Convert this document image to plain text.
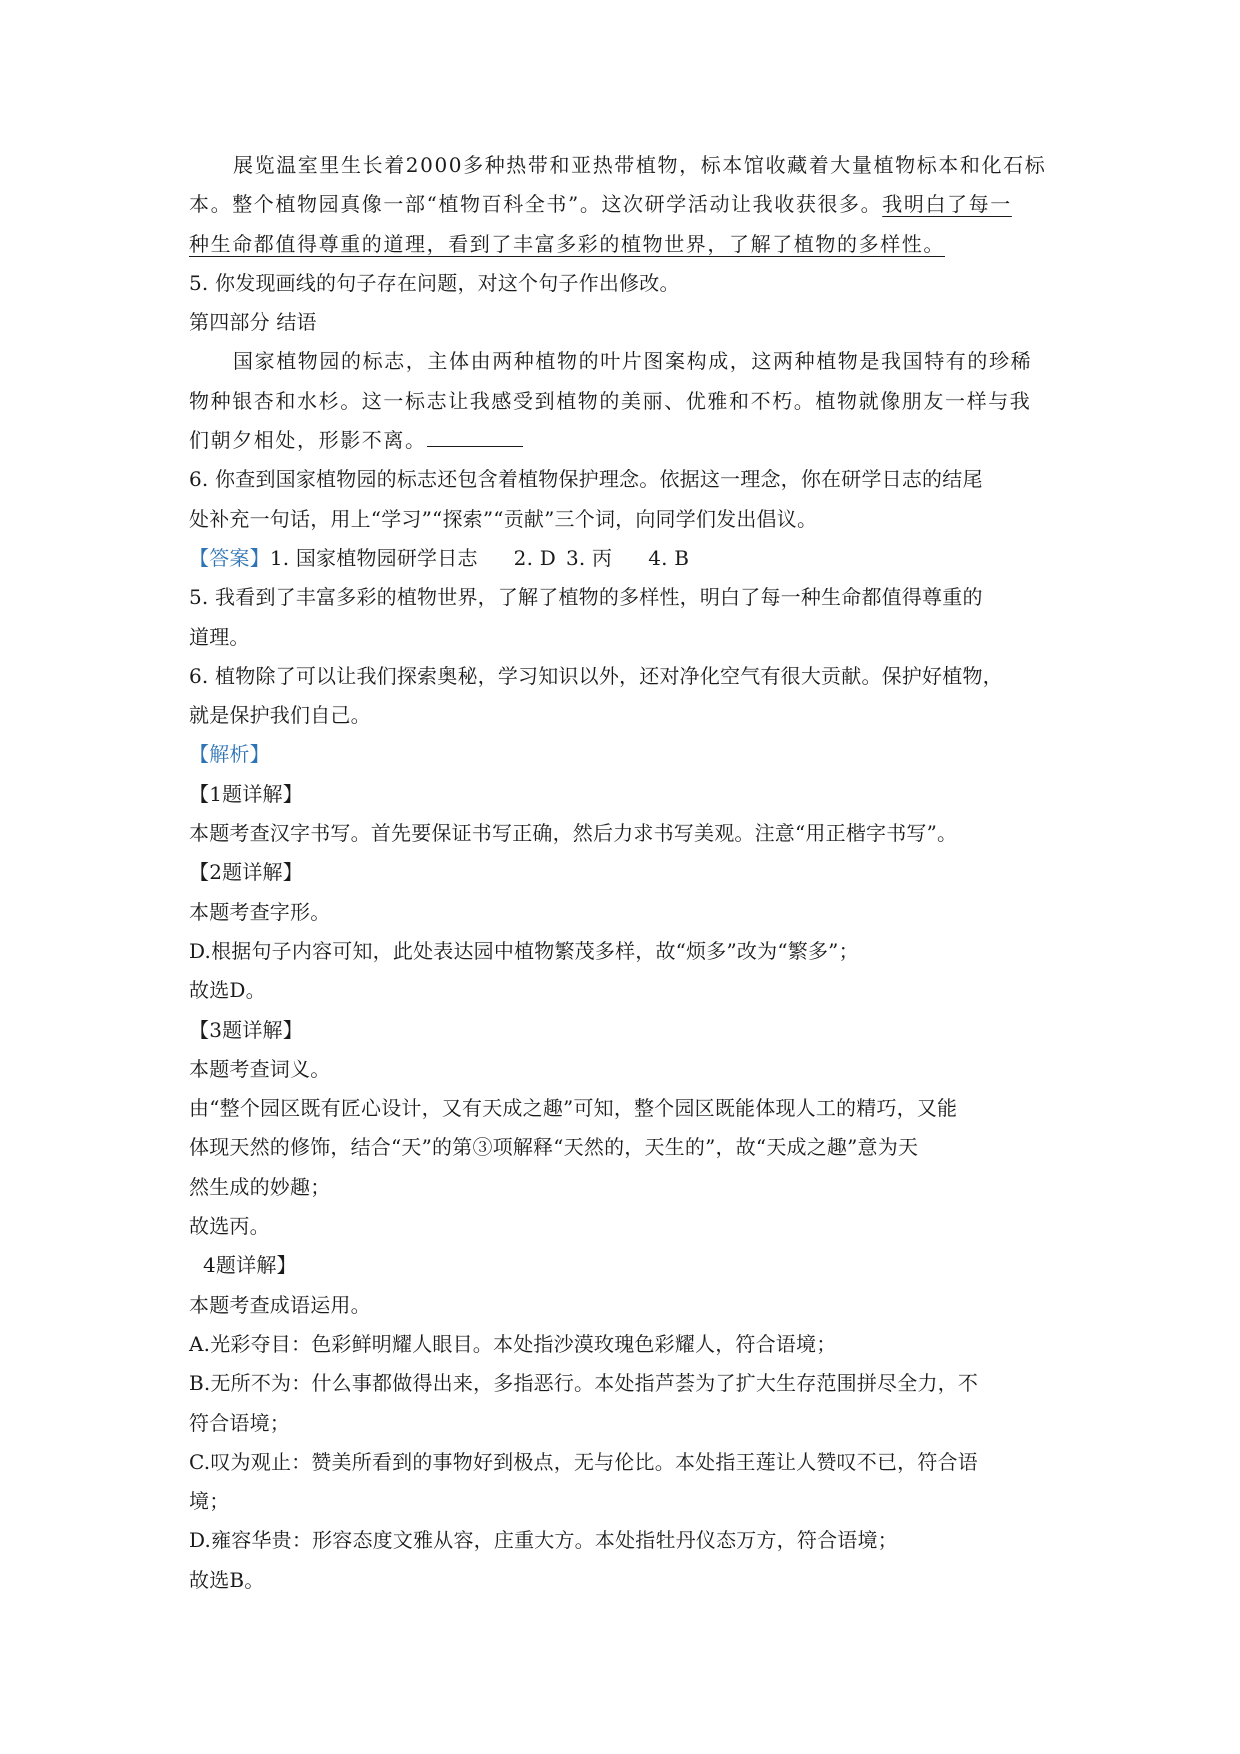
展览温室里生长着2000多种热带和亚热带植物，标本馆收藏着大量植物标本和化石标
本。整个植物园真像一部“植物百科全书”。这次研学活动让我收获很多。我明白了每一
种生命都值得尊重的道理，看到了丰富多彩的植物世界，了解了植物的多样性。
5. 你发现画线的句子存在问题，对这个句子作出修改。
第四部分 结语
国家植物园的标志，主体由两种植物的叶片图案构成，这两种植物是我国特有的珍稀
物种银杏和水杉。这一标志让我感受到植物的美丽、优雅和不朽。植物就像朋友一样与我
们朝夕相处，形影不离。
6. 你查到国家植物园的标志还包含着植物保护理念。依据这一理念，你在研学日志的结尾
处补充一句话，用上“学习”“探索”“贡献”三个词，向同学们发出倡议。
【答案】1. 国家植物园研学日志 2. D 3. 丙 4. B
5. 我看到了丰富多彩的植物世界，了解了植物的多样性，明白了每一种生命都值得尊重的
道理。
6. 植物除了可以让我们探索奥秘，学习知识以外，还对净化空气有很大贡献。保护好植物，
就是保护我们自己。
【解析】
【1题详解】
本题考查汉字书写。首先要保证书写正确，然后力求书写美观。注意“用正楷字书写”。
【2题详解】
本题考查字形。
D.根据句子内容可知，此处表达园中植物繁茂多样，故“烦多”改为“繁多”；
故选D。
【3题详解】
本题考查词义。
由“整个园区既有匠心设计，又有天成之趣”可知，整个园区既能体现人工的精巧，又能
体现天然的修饰，结合“天”的第③项解释“天然的，天生的”，故“天成之趣”意为天
然生成的妙趣；
故选丙。
4题详解】
本题考查成语运用。
A.光彩夺目：色彩鲜明耀人眼目。本处指沙漠玫瑰色彩耀人，符合语境；
B.无所不为：什么事都做得出来，多指恶行。本处指芦荟为了扩大生存范围拼尽全力，不
符合语境；
C.叹为观止：赞美所看到的事物好到极点，无与伦比。本处指王莲让人赞叹不已，符合语
境；
D.雍容华贵：形容态度文雅从容，庄重大方。本处指牡丹仪态万方，符合语境；
故选B。
